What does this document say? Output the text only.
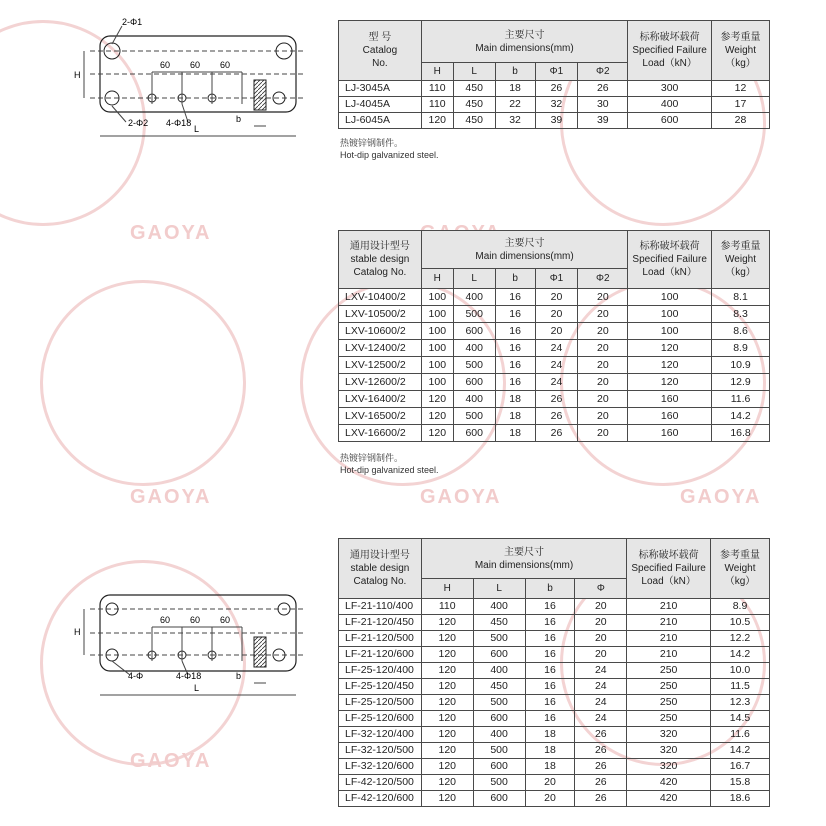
GAOYA
GAOYA	GAOYA	GAOYA
GAOYA
60 60 60
H
2-Φ1
2-Φ2 4-Φ18	b
L
60 60 60
H
4-Φ	4-Φ18	b
L
型 号
Catalog
No.	主要尺寸
Main dimensions(mm)					标称破坏载荷
Specified Failure
Load（kN）	参考重量
Weight
（kg）
	H	L	b	Φ1	Φ2		
LJ-3045A	110	450	18	26	26	300	12
LJ-4045A	110	450	22	32	30	400	17
LJ-6045A	120	450	32	39	39	600	28
热镀锌钢制件。
Hot-dip galvanized steel.
通用设计型号
stable design
Catalog No.	主要尺寸
Main dimensions(mm)					标称破坏载荷
Specified Failure
Load（kN）	参考重量
Weight
（kg）
	H	L	b	Φ1	Φ2		
LXV-10400/2	100	400	16	20	20	100	8.1
LXV-10500/2	100	500	16	20	20	100	8.3
LXV-10600/2	100	600	16	20	20	100	8.6
LXV-12400/2	100	400	16	24	20	120	8.9
LXV-12500/2	100	500	16	24	20	120	10.9
LXV-12600/2	100	600	16	24	20	120	12.9
LXV-16400/2	120	400	18	26	20	160	11.6
LXV-16500/2	120	500	18	26	20	160	14.2
LXV-16600/2	120	600	18	26	20	160	16.8
热镀锌钢制件。
Hot-dip galvanized steel.
通用设计型号
stable design
Catalog No.	主要尺寸
Main dimensions(mm)				标称破坏载荷
Specified Failure
Load（kN）	参考重量
Weight
（kg）
	H	L	b	Φ		
LF-21-110/400	110	400	16	20	210	8.9
LF-21-120/450	120	450	16	20	210	10.5
LF-21-120/500	120	500	16	20	210	12.2
LF-21-120/600	120	600	16	20	210	14.2
LF-25-120/400	120	400	16	24	250	10.0
LF-25-120/450	120	450	16	24	250	11.5
LF-25-120/500	120	500	16	24	250	12.3
LF-25-120/600	120	600	16	24	250	14.5
LF-32-120/400	120	400	18	26	320	11.6
LF-32-120/500	120	500	18	26	320	14.2
LF-32-120/600	120	600	18	26	320	16.7
LF-42-120/500	120	500	20	26	420	15.8
LF-42-120/600	120	600	20	26	420	18.6
